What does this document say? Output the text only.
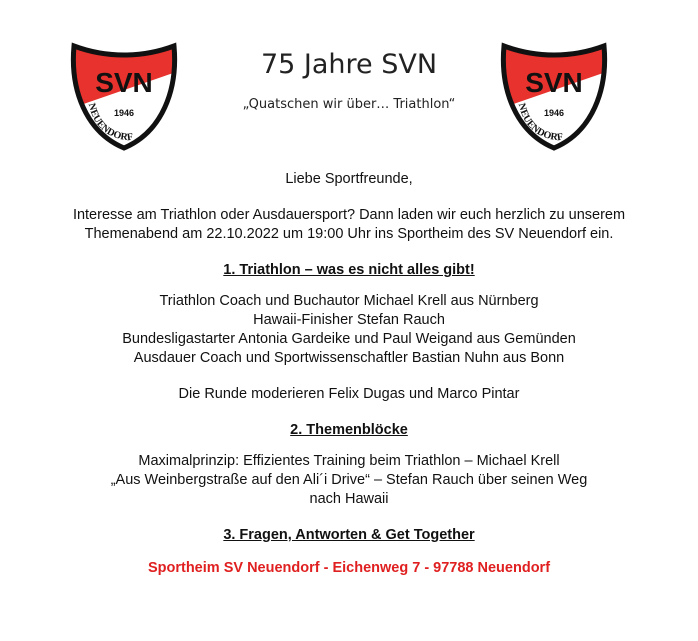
SVN
1946
NEUENDORF
SVN
1946
NEUENDORF
75 Jahre SVN
„Quatschen wir über… Triathlon“

Liebe Sportfreunde,

Interesse am Triathlon oder Ausdauersport? Dann laden wir euch herzlich zu unserem

Themenabend am 22.10.2022 um 19:00 Uhr ins Sportheim des SV Neuendorf ein.

1. Triathlon – was es nicht alles gibt!

Triathlon Coach und Buchautor Michael Krell aus Nürnberg

Hawaii-Finisher Stefan Rauch

Bundesligastarter Antonia Gardeike und Paul Weigand aus Gemünden

Ausdauer Coach und Sportwissenschaftler Bastian Nuhn aus Bonn

Die Runde moderieren Felix Dugas und Marco Pintar

2. Themenblöcke

Maximalprinzip: Effizientes Training beim Triathlon – Michael Krell

„Aus Weinbergstraße auf den Ali´i Drive“ – Stefan Rauch über seinen Weg

nach Hawaii

3. Fragen, Antworten & Get Together

Sportheim SV Neuendorf - Eichenweg 7 - 97788 Neuendorf
